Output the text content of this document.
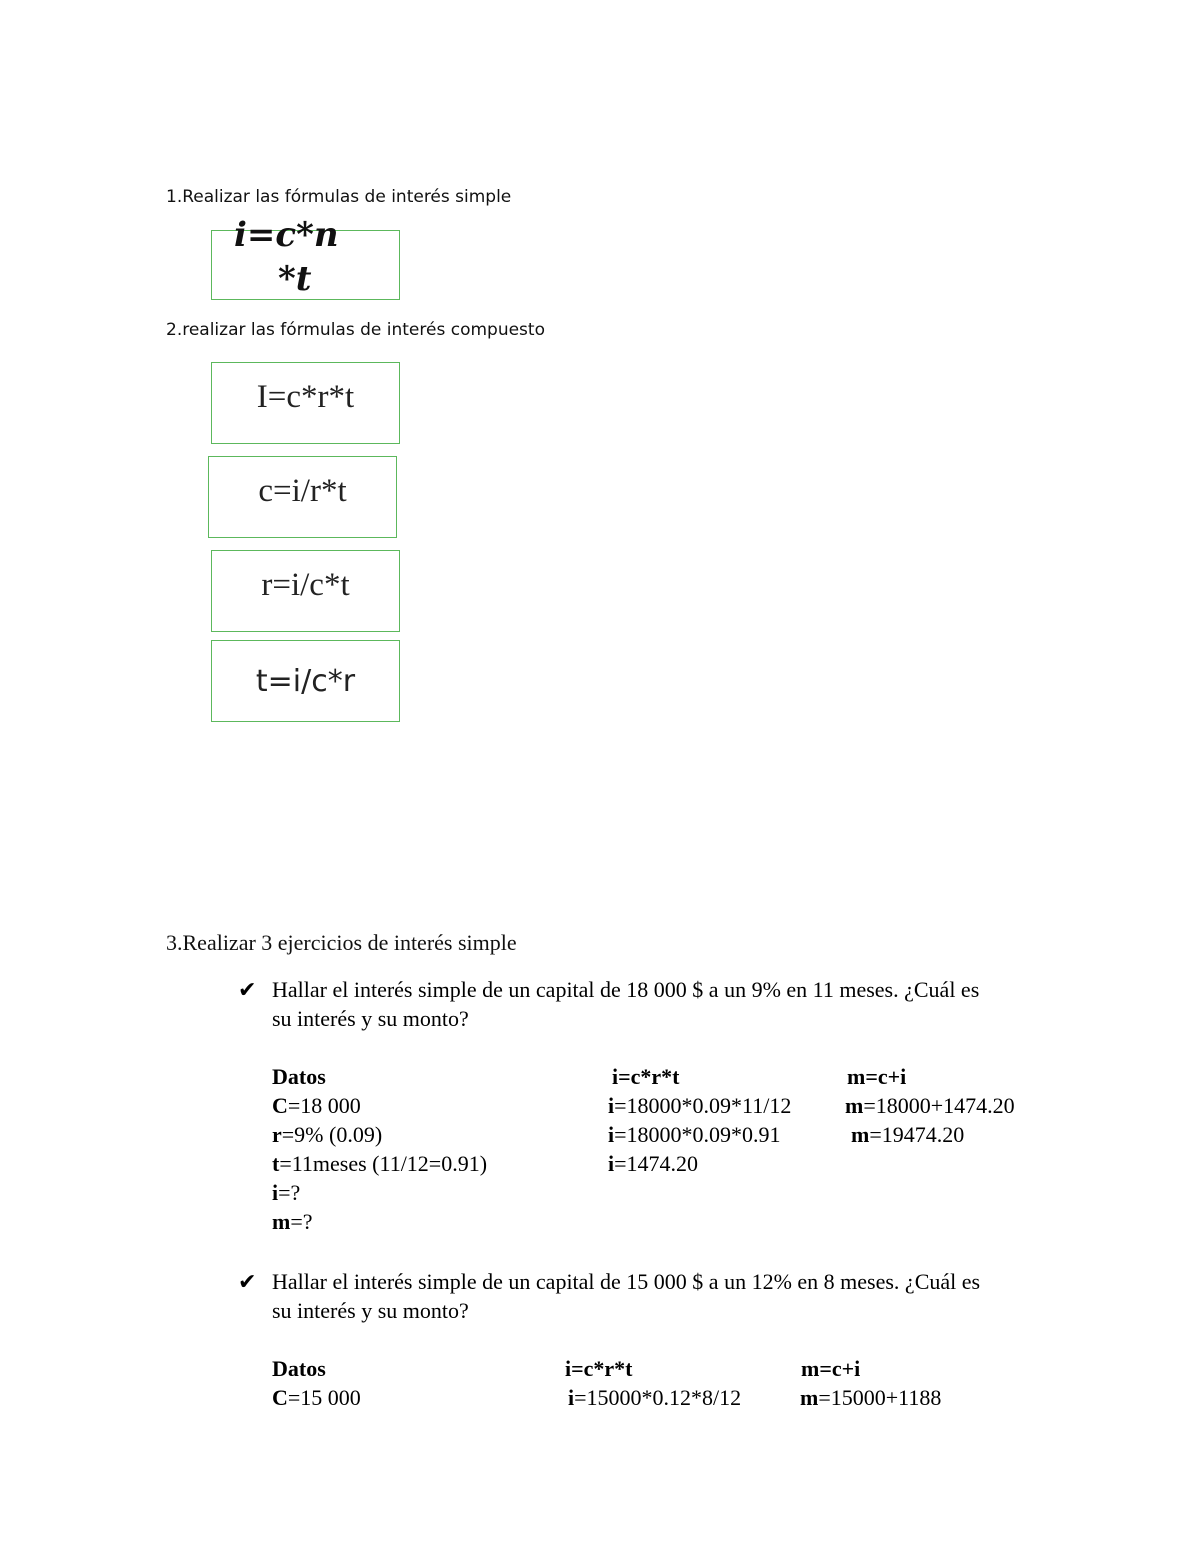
1.Realizar las fórmulas de interés simple
i=c*n
*t
2.realizar las fórmulas de interés compuesto
I=c*r*t
c=i/r*t
r=i/c*t
t=i/c*r
3.Realizar 3 ejercicios de interés simple
✔ Hallar el interés simple de un capital de 18 000 $ a un 9% en 11 meses. ¿Cuál es
su interés y su monto?
Datos	i=c*r*t	m=c+i
C=18 000	i=18000*0.09*11/12 m=18000+1474.20
r=9% (0.09)	i=18000*0.09*0.91	m=19474.20
t=11meses (11/12=0.91)	i=1474.20
i=?
m=?
✔ Hallar el interés simple de un capital de 15 000 $ a un 12% en 8 meses. ¿Cuál es
su interés y su monto?
Datos	i=c*r*t	m=c+i
C=15 000	i=15000*0.12*8/12	m=15000+1188
